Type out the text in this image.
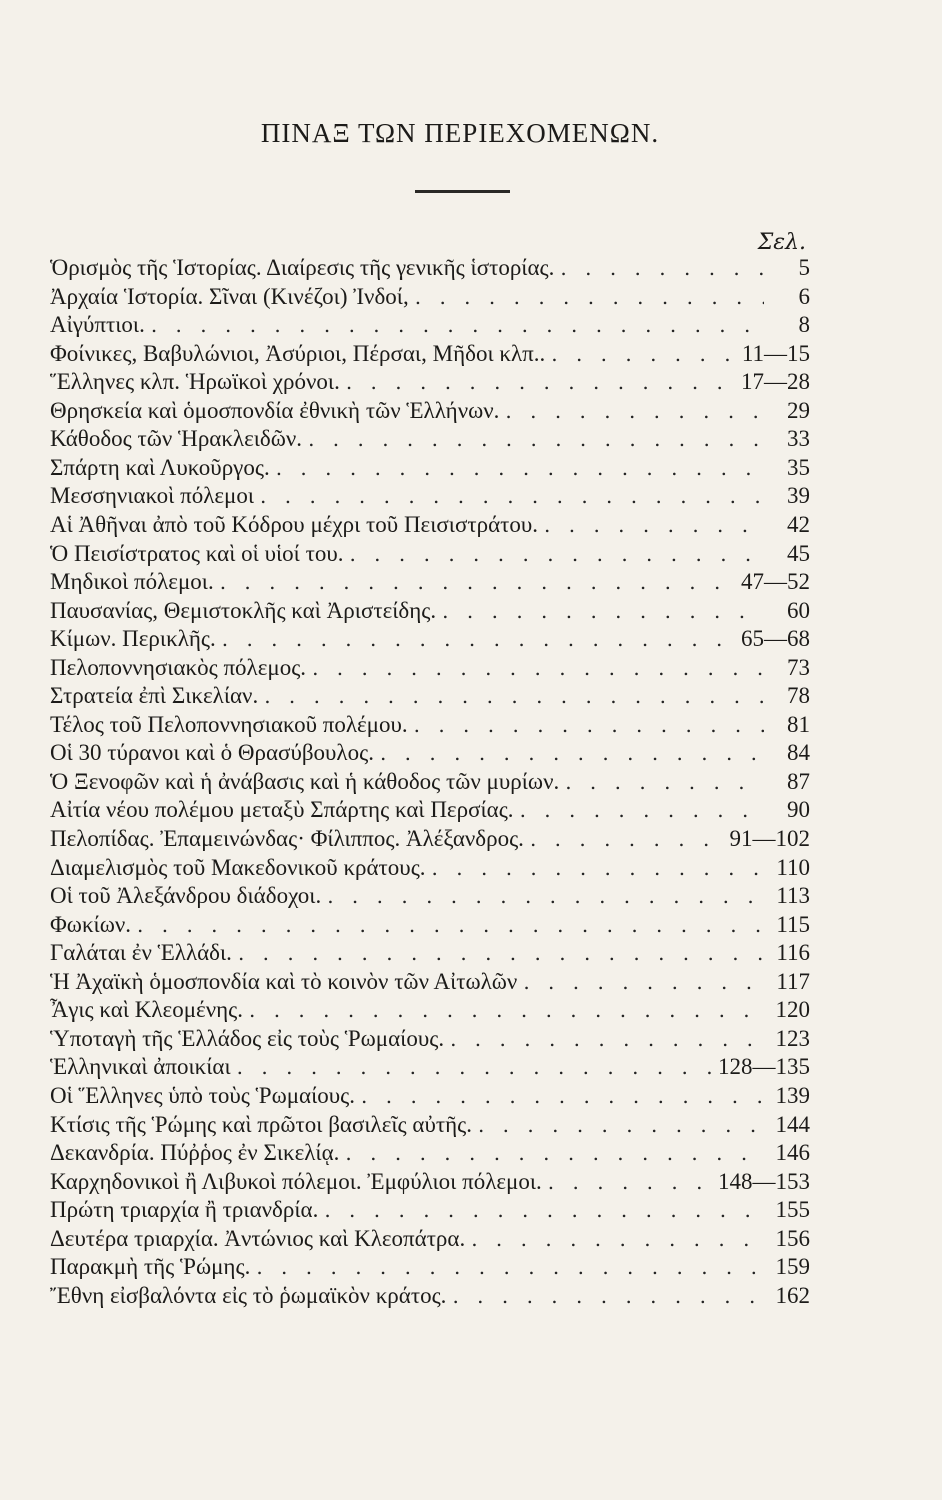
ΠΙΝΑΞ ΤΩΝ ΠΕΡΙΕΧΟΜΕΝΩΝ.
Σελ.
Ὁρισμὸς τῆς Ἱστορίας. Διαίρεσις τῆς γενικῆς ἱστορίας. . . .	5
Ἀρχαία Ἱστορία. Σῖναι (Κινέζοι) Ἰνδοί, . . .	6
Αἰγύπτιοι. . . .	8
Φοίνικες, Βαβυλώνιοι, Ἀσύριοι, Πέρσαι, Μῆδοι κλπ.. . . .	11—15
Ἕλληνες κλπ. Ἡρωϊκοὶ χρόνοι. . . .	17—28
Θρησκεία καὶ ὁμοσπονδία ἐθνικὴ τῶν Ἑλλήνων. . . .	29
Κάθοδος τῶν Ἡρακλειδῶν. . . .	33
Σπάρτη καὶ Λυκοῦργος. . . .	35
Μεσσηνιακοὶ πόλεμοι . . .	39
Αἱ Ἀθῆναι ἀπὸ τοῦ Κόδρου μέχρι τοῦ Πεισιστράτου. . . .	42
Ὁ Πεισίστρατος καὶ οἱ υἱοί του. . . .	45
Μηδικοὶ πόλεμοι. . . .	47—52
Παυσανίας, Θεμιστοκλῆς καὶ Ἀριστείδης. . . .	60
Κίμων. Περικλῆς. . . .	65—68
Πελοποννησιακὸς πόλεμος. . . .	73
Στρατεία ἐπὶ Σικελίαν. . . .	78
Τέλος τοῦ Πελοποννησιακοῦ πολέμου. . . .	81
Οἱ 30 τύρανοι καὶ ὁ Θρασύβουλος. . . .	84
Ὁ Ξενοφῶν καὶ ἡ ἀνάβασις καὶ ἡ κάθοδος τῶν μυρίων. . . .	87
Αἰτία νέου πολέμου μεταξὺ Σπάρτης καὶ Περσίας. . . .	90
Πελοπίδας. Ἐπαμεινώνδας· Φίλιππος. Ἀλέξανδρος. . . .	91—102
Διαμελισμὸς τοῦ Μακεδονικοῦ κράτους. . . .	110
Οἱ τοῦ Ἀλεξάνδρου διάδοχοι. . . .	113
Φωκίων. . . .	115
Γαλάται ἐν Ἑλλάδι. . . .	116
Ἡ Ἀχαϊκὴ ὁμοσπονδία καὶ τὸ κοινὸν τῶν Αἰτωλῶν . . .	117
Ἆγις καὶ Κλεομένης. . . .	120
Ὑποταγὴ τῆς Ἑλλάδος εἰς τοὺς Ῥωμαίους. . . .	123
Ἑλληνικαὶ ἀποικίαι . . .	128—135
Οἱ Ἕλληνες ὑπὸ τοὺς Ῥωμαίους. . . .	139
Κτίσις τῆς Ῥώμης καὶ πρῶτοι βασιλεῖς αὐτῆς. . . .	144
Δεκανδρία. Πύῤῥος ἐν Σικελίᾳ. . . .	146
Καρχηδονικοὶ ἢ Λιβυκοὶ πόλεμοι. Ἐμφύλιοι πόλεμοι. . . .	148—153
Πρώτη τριαρχία ἢ τριανδρία. . . .	155
Δευτέρα τριαρχία. Ἀντώνιος καὶ Κλεοπάτρα. . . .	156
Παρακμὴ τῆς Ῥώμης. . . .	159
Ἔθνη εἰσβαλόντα εἰς τὸ ῥωμαϊκὸν κράτος. . . .	162
